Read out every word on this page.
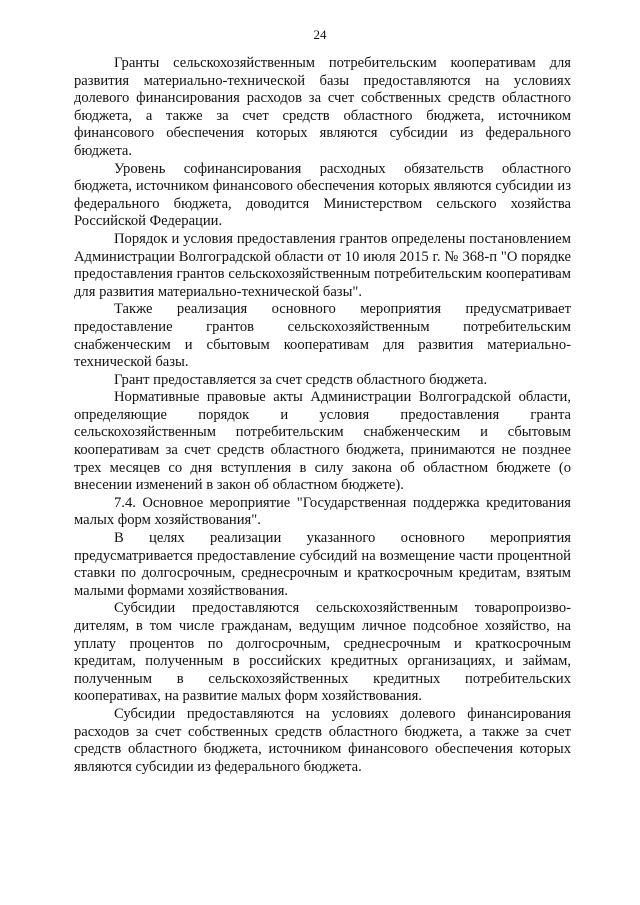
24

Гранты сельскохозяйственным потребительским кооперативам для развития материально-технической базы предоставляются на условиях долевого финансирования расходов за счет собственных средств областного бюджета, а также за счет средств областного бюджета, источником финансового обеспечения которых являются субсидии из федерального бюджета.

Уровень софинансирования расходных обязательств областного бюджета, источником финансового обеспечения которых являются субсидии из федерального бюджета, доводится Министерством сельского хозяйства Российской Федерации.

Порядок и условия предоставления грантов определены постановлением Администрации Волгоградской области от 10 июля 2015 г. № 368-п "О порядке предоставления грантов сельскохозяйственным потребительским кооперативам для развития материально-технической базы".

Также реализация основного мероприятия предусматривает предоставление грантов сельскохозяйственным потребительским снабженческим и сбытовым кооперативам для развития материально-технической базы.

Грант предоставляется за счет средств областного бюджета.

Нормативные правовые акты Администрации Волгоградской области, определяющие порядок и условия предоставления гранта сельскохозяйственным потребительским снабженческим и сбытовым кооперативам за счет средств областного бюджета, принимаются не позднее трех месяцев со дня вступления в силу закона об областном бюджете (о внесении изменений в закон об областном бюджете).

7.4. Основное мероприятие "Государственная поддержка кредитования малых форм хозяйствования".

В целях реализации указанного основного мероприятия предусматривается предоставление субсидий на возмещение части процентной ставки по долгосрочным, среднесрочным и краткосрочным кредитам, взятым малыми формами хозяйствования.

Субсидии предоставляются сельскохозяйственным товаропроизводителям, в том числе гражданам, ведущим личное подсобное хозяйство, на уплату процентов по долгосрочным, среднесрочным и краткосрочным кредитам, полученным в российских кредитных организациях, и займам, полученным в сельскохозяйственных кредитных потребительских кооперативах, на развитие малых форм хозяйствования.

Субсидии предоставляются на условиях долевого финансирования расходов за счет собственных средств областного бюджета, а также за счет средств областного бюджета, источником финансового обеспечения которых являются субсидии из федерального бюджета.
